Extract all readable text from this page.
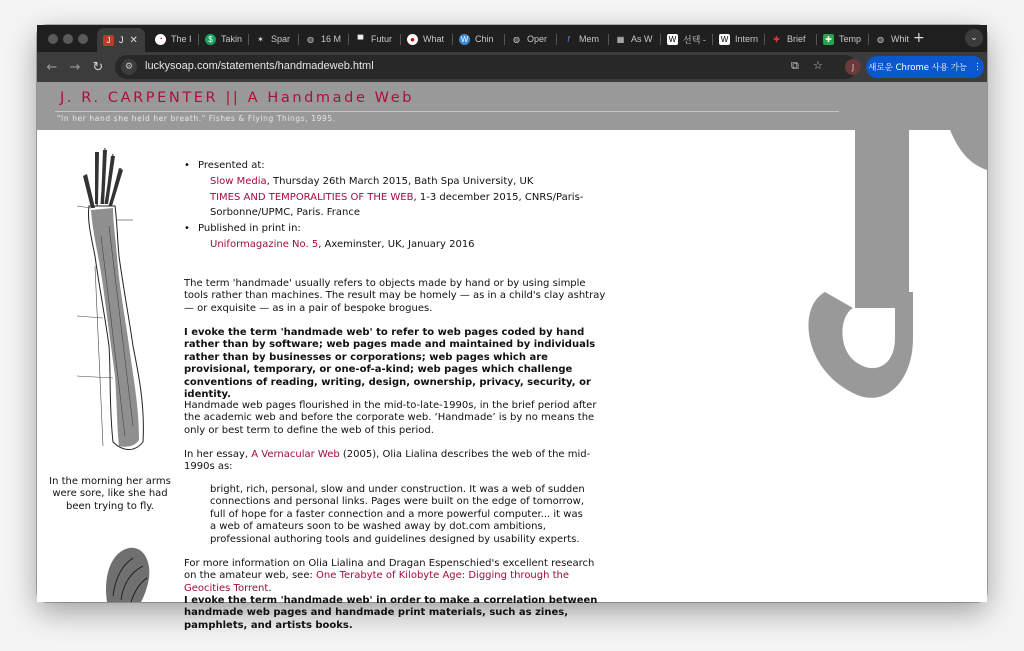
J J ✕	◔ The I	$ Takin ✶ Spar ◍ 16 M	▀ Futur	● What W Chin ◍ Oper	f	Mem ▦ As W W 선택 - W Intern ✚ Brief ✚ Temp ◍ Whit +	⌄
← → ↻	⚙	luckysoap.com/statements/handmadeweb.html	⧉ ☆	J	새로운 Chrome 사용 가능 ⋮
J. R. CARPENTER || A Handmade Web
"In her hand she held her breath." Fishes & Flying Things, 1995.
In the morning her arms were sore, like she had been trying to fly.
• Presented at:
Slow Media, Thursday 26th March 2015, Bath Spa University, UK
TIMES AND TEMPORALITIES OF THE WEB, 1-3 december 2015, CNRS/Paris-
Sorbonne/UPMC, Paris. France
• Published in print in:
Uniformagazine No. 5, Axeminster, UK, January 2016
The term 'handmade' usually refers to objects made by hand or by using simple tools rather than machines. The result may be homely — as in a child's clay ashtray — or exquisite — as in a pair of bespoke brogues.
I evoke the term 'handmade web' to refer to web pages coded by hand rather than by software; web pages made and maintained by individuals rather than by businesses or corporations; web pages which are provisional, temporary, or one-of-a-kind; web pages which challenge conventions of reading, writing, design, ownership, privacy, security, or identity.
Handmade web pages flourished in the mid-to-late-1990s, in the brief period after the academic web and before the corporate web. ‘Handmade’ is by no means the only or best term to define the web of this period.
In her essay, A Vernacular Web (2005), Olia Lialina describes the web of the mid-1990s as:
bright, rich, personal, slow and under construction. It was a web of sudden connections and personal links. Pages were built on the edge of tomorrow, full of hope for a faster connection and a more powerful computer... it was a web of amateurs soon to be washed away by dot.com ambitions, professional authoring tools and guidelines designed by usability experts.
For more information on Olia Lialina and Dragan Espenschied's excellent research on the amateur web, see: One Terabyte of Kilobyte Age: Digging through the Geocities Torrent.
I evoke the term 'handmade web' in order to make a correlation between handmade web pages and handmade print materials, such as zines, pamphlets, and artists books.
